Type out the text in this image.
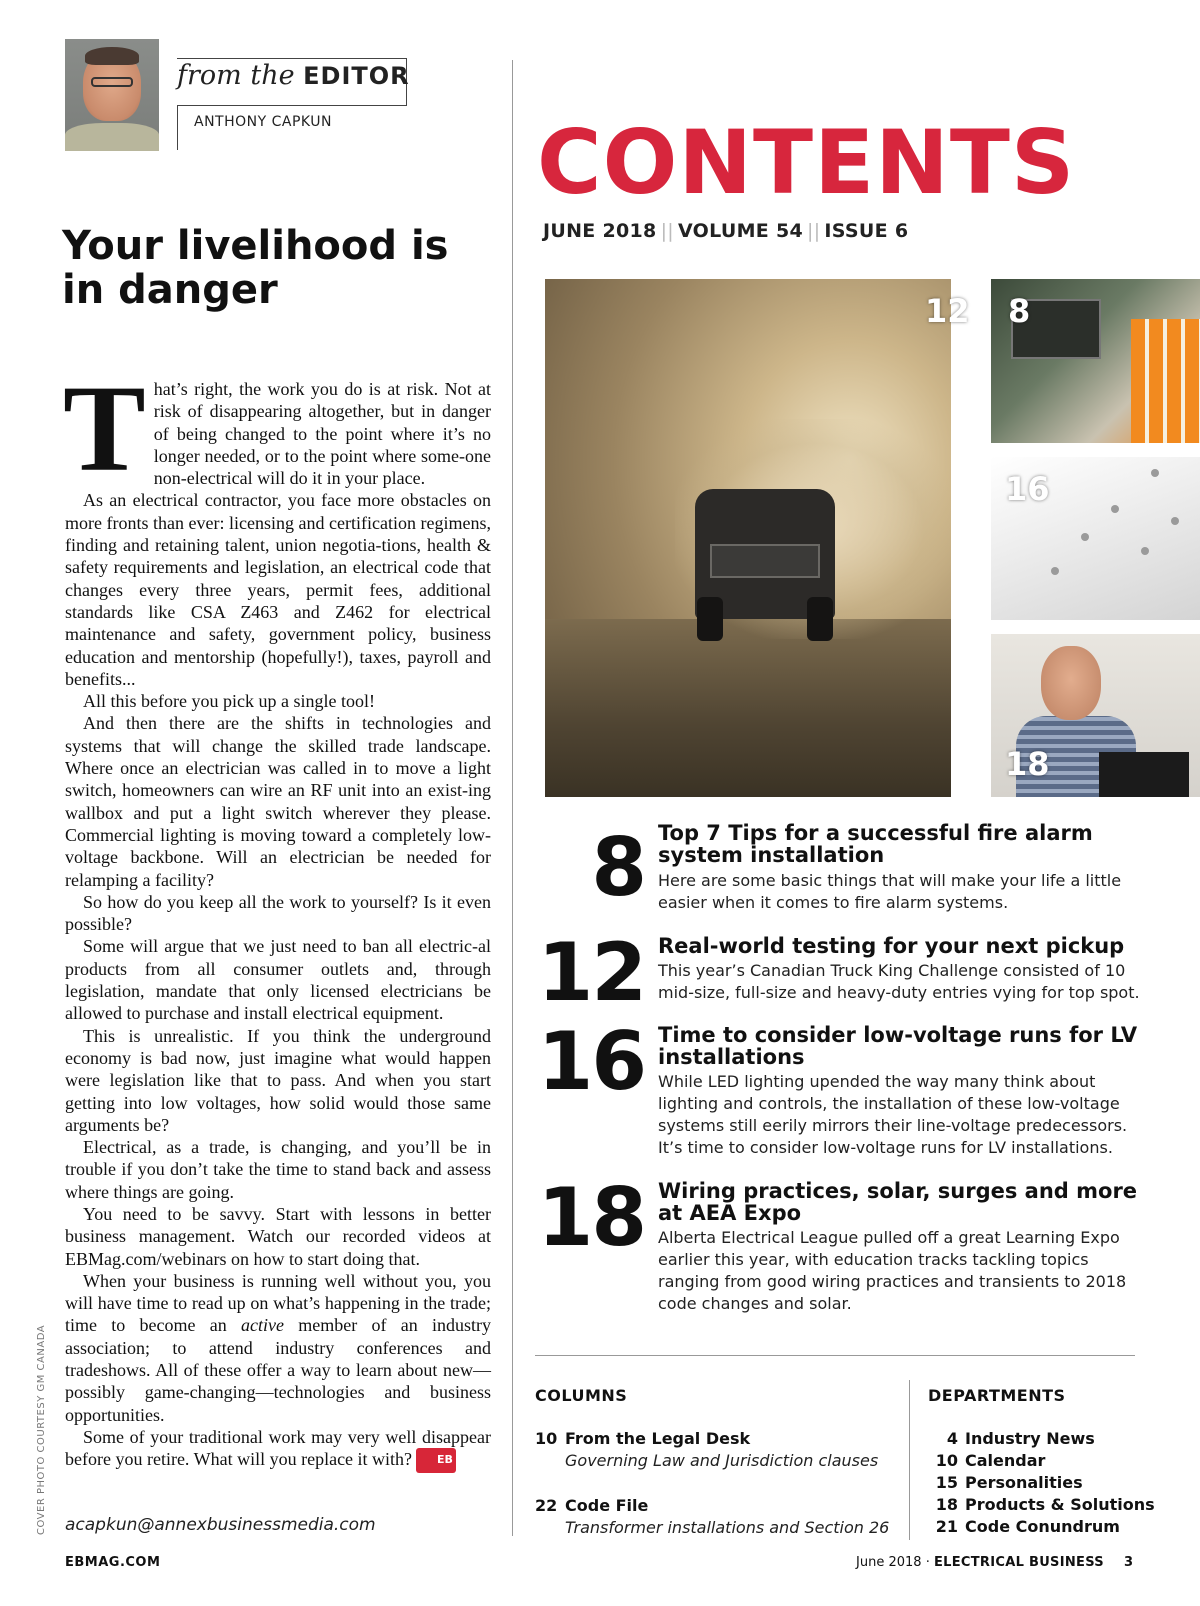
from the EDITOR
ANTHONY CAPKUN
Your livelihood is in danger

That’s right, the work you do is at risk. Not at risk of disappearing altogether, but in danger of being changed to the point where it’s no longer needed, or to the point where some-one non-electrical will do it in your place.

As an electrical contractor, you face more obstacles on more fronts than ever: licensing and certification regimens, finding and retaining talent, union negotia-tions, health & safety requirements and legislation, an electrical code that changes every three years, permit fees, additional standards like CSA Z463 and Z462 for electrical maintenance and safety, government policy, business education and mentorship (hopefully!), taxes, payroll and benefits...

All this before you pick up a single tool!

And then there are the shifts in technologies and systems that will change the skilled trade landscape. Where once an electrician was called in to move a light switch, homeowners can wire an RF unit into an exist-ing wallbox and put a light switch wherever they please. Commercial lighting is moving toward a completely low-voltage backbone. Will an electrician be needed for relamping a facility?

So how do you keep all the work to yourself? Is it even possible?

Some will argue that we just need to ban all electric-al products from all consumer outlets and, through legislation, mandate that only licensed electricians be allowed to purchase and install electrical equipment.

This is unrealistic. If you think the underground economy is bad now, just imagine what would happen were legislation like that to pass. And when you start getting into low voltages, how solid would those same arguments be?

Electrical, as a trade, is changing, and you’ll be in trouble if you don’t take the time to stand back and assess where things are going.

You need to be savvy. Start with lessons in better business management. Watch our recorded videos at EBMag.com/webinars on how to start doing that.

When your business is running well without you, you will have time to read up on what’s happening in the trade; time to become an active member of an industry association; to attend industry conferences and tradeshows. All of these offer a way to learn about new—possibly game-changing—technologies and business opportunities.

Some of your traditional work may very well disappear before you retire. What will you replace it with? EB

acapkun@annexbusinessmedia.com
COVER PHOTO COURTESY GM CANADA
CONTENTS
JUNE 2018 || VOLUME 54 || ISSUE 6
12 8
16
18
8 Top 7 Tips for a successful fire alarm system installation
Here are some basic things that will make your life a little easier when it comes to fire alarm systems.
12 Real-world testing for your next pickup
This year’s Canadian Truck King Challenge consisted of 10 mid-size, full-size and heavy-duty entries vying for top spot.
16 Time to consider low-voltage runs for LV installations
While LED lighting upended the way many think about lighting and controls, the installation of these low-voltage systems still eerily mirrors their line-voltage predecessors. It’s time to consider low-voltage runs for LV installations.
18 Wiring practices, solar, surges and more at AEA Expo
Alberta Electrical League pulled off a great Learning Expo earlier this year, with education tracks tackling topics ranging from good wiring practices and transients to 2018 code changes and solar.
COLUMNS
10 From the Legal Desk
Governing Law and Jurisdiction clauses
22 Code File
Transformer installations and Section 26
DEPARTMENTS
4 Industry News
10 Calendar
15 Personalities
18 Products & Solutions
21 Code Conundrum
EBMAG.COM	June 2018 · ELECTRICAL BUSINESS 3
